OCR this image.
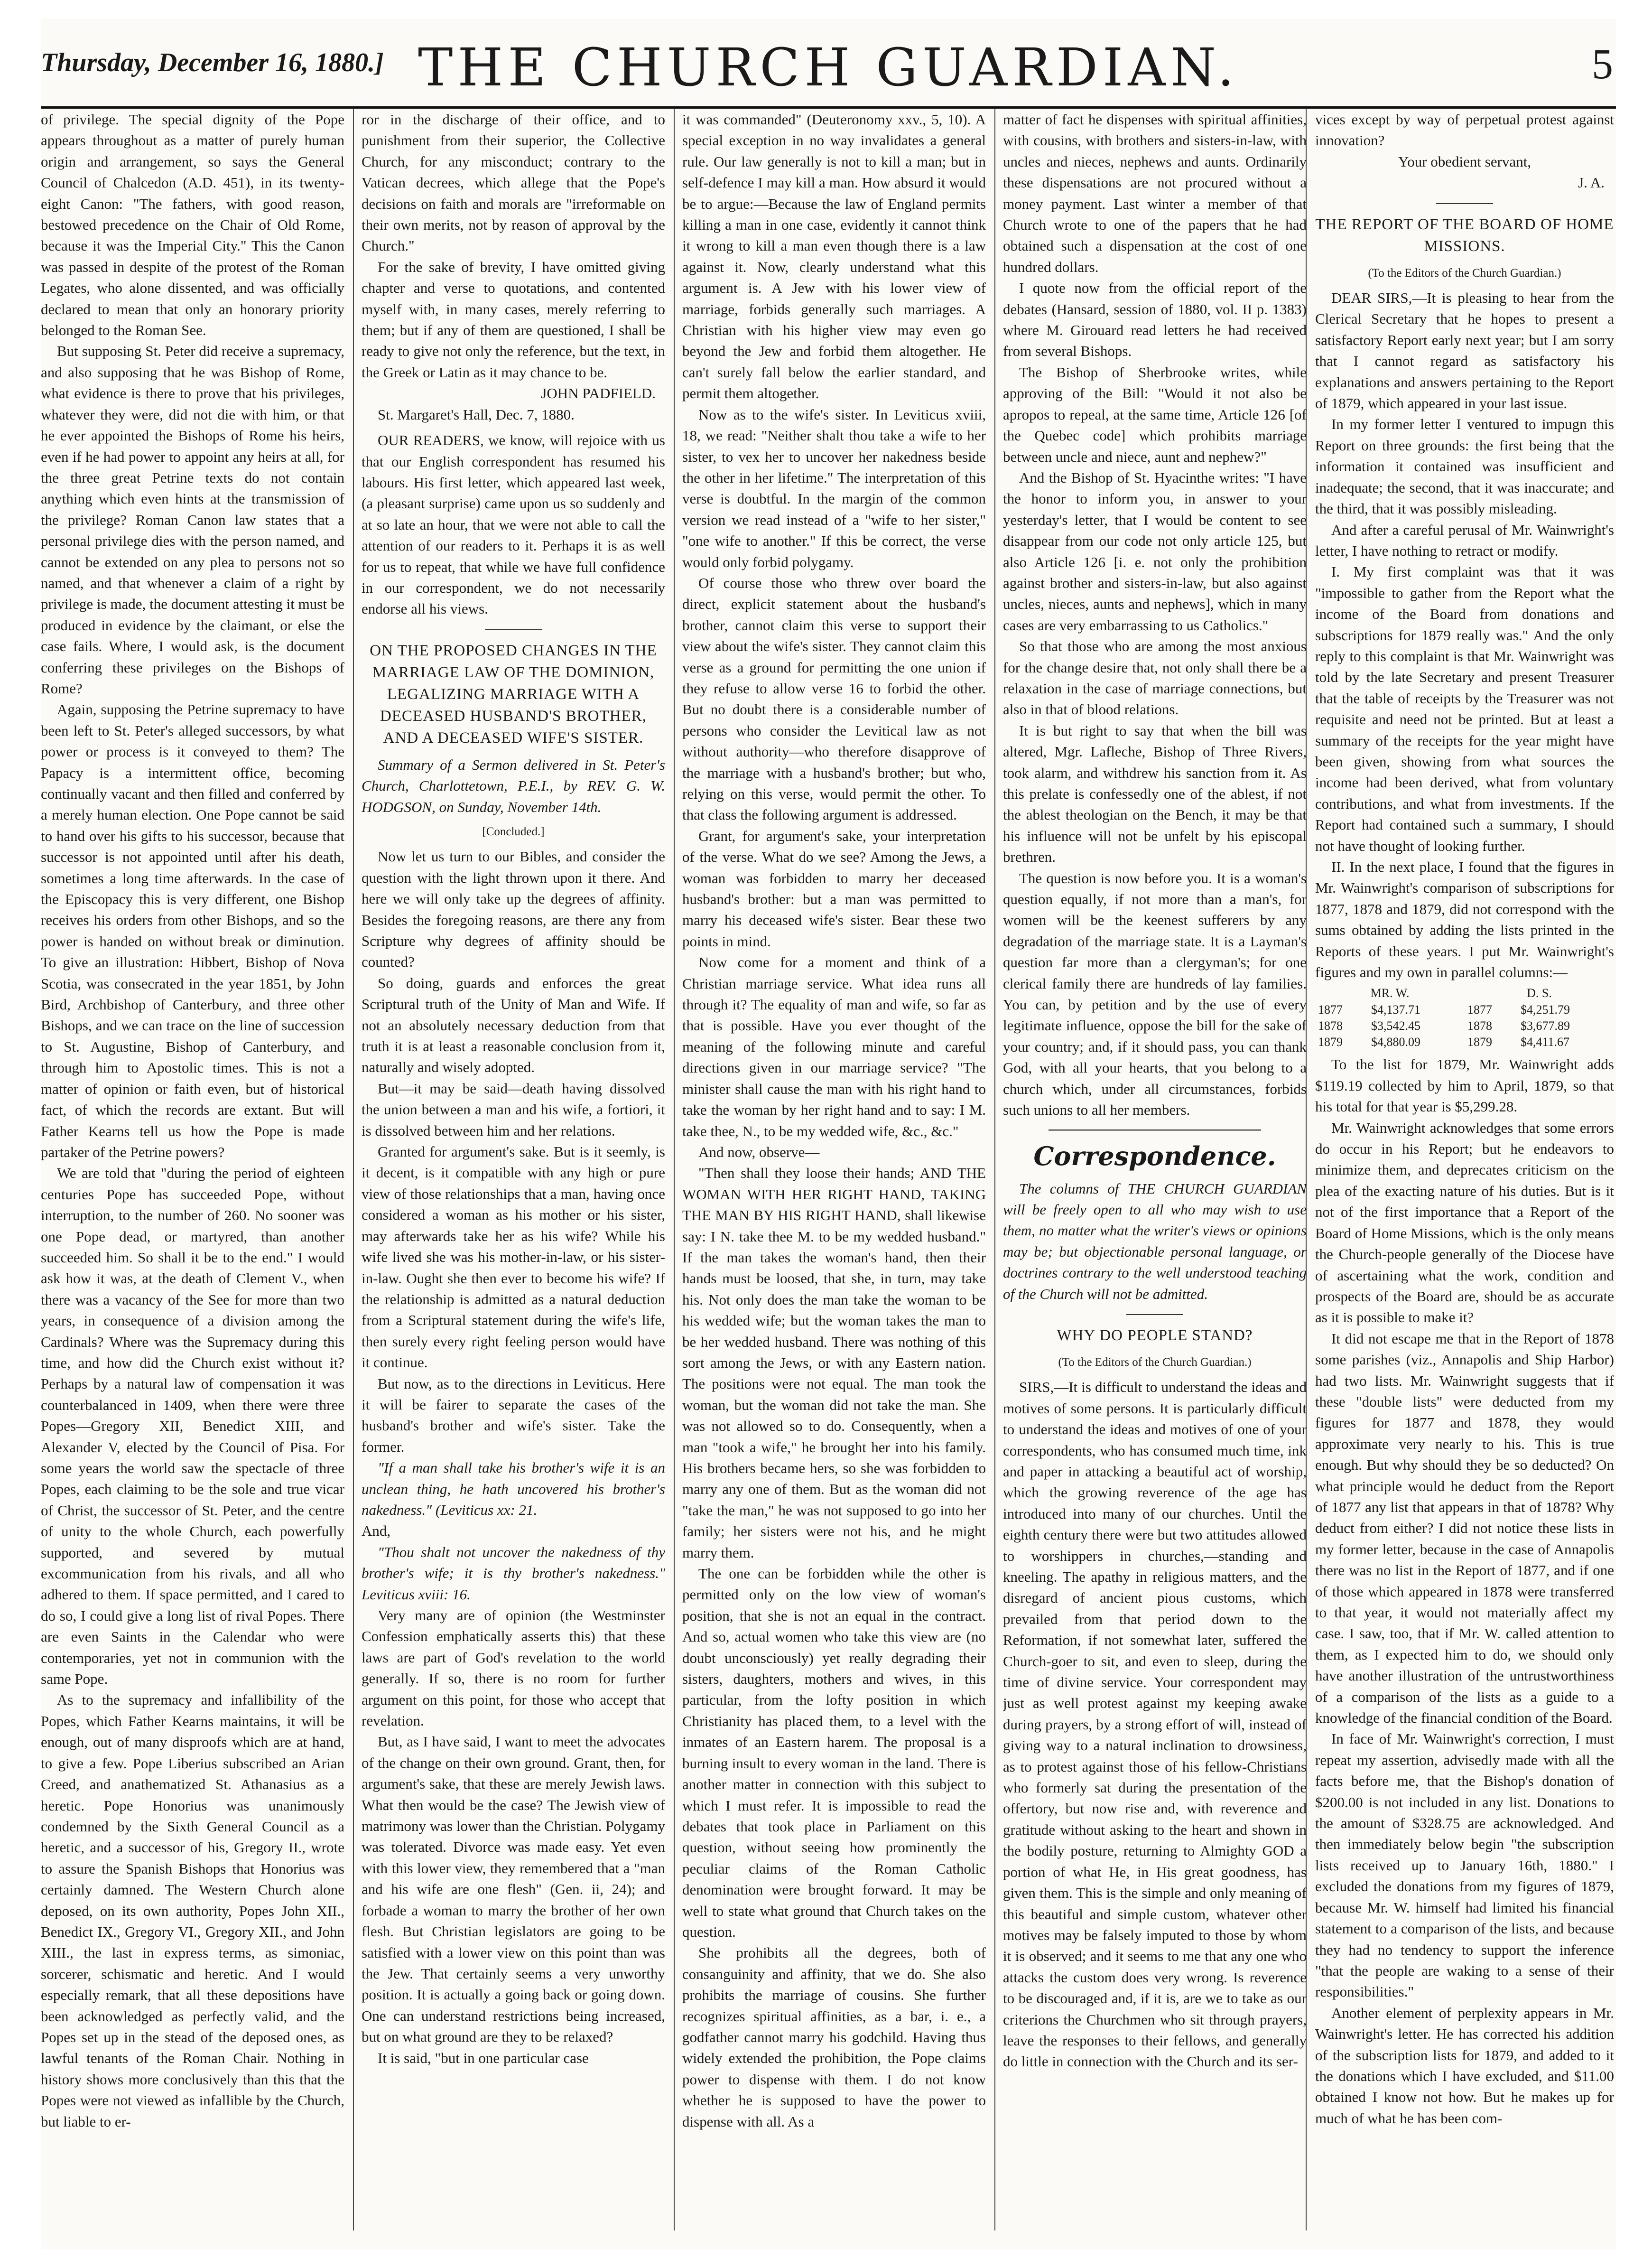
Thursday, December 16, 1880.] THE CHURCH GUARDIAN.	5

of privilege. The special dignity of the Pope appears throughout as a matter of purely human origin and arrangement, so says the General Council of Chalcedon (A.D. 451), in its twenty-eight Canon: "The fathers, with good reason, bestowed precedence on the Chair of Old Rome, because it was the Imperial City." This the Canon was passed in despite of the protest of the Roman Legates, who alone dissented, and was officially declared to mean that only an honorary priority belonged to the Roman See.

But supposing St. Peter did receive a supremacy, and also supposing that he was Bishop of Rome, what evidence is there to prove that his privileges, whatever they were, did not die with him, or that he ever appointed the Bishops of Rome his heirs, even if he had power to appoint any heirs at all, for the three great Petrine texts do not contain anything which even hints at the transmission of the privilege? Roman Canon law states that a personal privilege dies with the person named, and cannot be extended on any plea to persons not so named, and that whenever a claim of a right by privilege is made, the document attesting it must be produced in evidence by the claimant, or else the case fails. Where, I would ask, is the document conferring these privileges on the Bishops of Rome?

Again, supposing the Petrine supremacy to have been left to St. Peter's alleged successors, by what power or process is it conveyed to them? The Papacy is a intermittent office, becoming continually vacant and then filled and conferred by a merely human election. One Pope cannot be said to hand over his gifts to his successor, because that successor is not appointed until after his death, sometimes a long time afterwards. In the case of the Episcopacy this is very different, one Bishop receives his orders from other Bishops, and so the power is handed on without break or diminution. To give an illustration: Hibbert, Bishop of Nova Scotia, was consecrated in the year 1851, by John Bird, Archbishop of Canterbury, and three other Bishops, and we can trace on the line of succession to St. Augustine, Bishop of Canterbury, and through him to Apostolic times. This is not a matter of opinion or faith even, but of historical fact, of which the records are extant. But will Father Kearns tell us how the Pope is made partaker of the Petrine powers?

We are told that "during the period of eighteen centuries Pope has succeeded Pope, without interruption, to the number of 260. No sooner was one Pope dead, or martyred, than another succeeded him. So shall it be to the end." I would ask how it was, at the death of Clement V., when there was a vacancy of the See for more than two years, in consequence of a division among the Cardinals? Where was the Supremacy during this time, and how did the Church exist without it? Perhaps by a natural law of compensation it was counterbalanced in 1409, when there were three Popes—Gregory XII, Benedict XIII, and Alexander V, elected by the Council of Pisa. For some years the world saw the spectacle of three Popes, each claiming to be the sole and true vicar of Christ, the successor of St. Peter, and the centre of unity to the whole Church, each powerfully supported, and severed by mutual excommunication from his rivals, and all who adhered to them. If space permitted, and I cared to do so, I could give a long list of rival Popes. There are even Saints in the Calendar who were contemporaries, yet not in communion with the same Pope.

As to the supremacy and infallibility of the Popes, which Father Kearns maintains, it will be enough, out of many disproofs which are at hand, to give a few. Pope Liberius subscribed an Arian Creed, and anathematized St. Athanasius as a heretic. Pope Honorius was unanimously condemned by the Sixth General Council as a heretic, and a successor of his, Gregory II., wrote to assure the Spanish Bishops that Honorius was certainly damned. The Western Church alone deposed, on its own authority, Popes John XII., Benedict IX., Gregory VI., Gregory XII., and John XIII., the last in express terms, as simoniac, sorcerer, schismatic and heretic. And I would especially remark, that all these depositions have been acknowledged as perfectly valid, and the Popes set up in the stead of the deposed ones, as lawful tenants of the Roman Chair. Nothing in history shows more conclusively than this that the Popes were not viewed as infallible by the Church, but liable to er-

ror in the discharge of their office, and to punishment from their superior, the Collective Church, for any misconduct; contrary to the Vatican decrees, which allege that the Pope's decisions on faith and morals are "irreformable on their own merits, not by reason of approval by the Church."

For the sake of brevity, I have omitted giving chapter and verse to quotations, and contented myself with, in many cases, merely referring to them; but if any of them are questioned, I shall be ready to give not only the reference, but the text, in the Greek or Latin as it may chance to be.

JOHN PADFIELD.

St. Margaret's Hall, Dec. 7, 1880.

OUR READERS, we know, will rejoice with us that our English correspondent has resumed his labours. His first letter, which appeared last week, (a pleasant surprise) came upon us so suddenly and at so late an hour, that we were not able to call the attention of our readers to it. Perhaps it is as well for us to repeat, that while we have full confidence in our correspondent, we do not necessarily endorse all his views.

ON THE PROPOSED CHANGES IN THE MARRIAGE LAW OF THE DOMINION, LEGALIZING MARRIAGE WITH A DECEASED HUSBAND'S BROTHER, AND A DECEASED WIFE'S SISTER.

Summary of a Sermon delivered in St. Peter's Church, Charlottetown, P.E.I., by REV. G. W. HODGSON, on Sunday, November 14th.

[Concluded.]

Now let us turn to our Bibles, and consider the question with the light thrown upon it there. And here we will only take up the degrees of affinity. Besides the foregoing reasons, are there any from Scripture why degrees of affinity should be counted?

So doing, guards and enforces the great Scriptural truth of the Unity of Man and Wife. If not an absolutely necessary deduction from that truth it is at least a reasonable conclusion from it, naturally and wisely adopted.

But—it may be said—death having dissolved the union between a man and his wife, a fortiori, it is dissolved between him and her relations.

Granted for argument's sake. But is it seemly, is it decent, is it compatible with any high or pure view of those relationships that a man, having once considered a woman as his mother or his sister, may afterwards take her as his wife? While his wife lived she was his mother-in-law, or his sister-in-law. Ought she then ever to become his wife? If the relationship is admitted as a natural deduction from a Scriptural statement during the wife's life, then surely every right feeling person would have it continue.

But now, as to the directions in Leviticus. Here it will be fairer to separate the cases of the husband's brother and wife's sister. Take the former.

"If a man shall take his brother's wife it is an unclean thing, he hath uncovered his brother's nakedness." (Leviticus xx: 21.

And,

"Thou shalt not uncover the nakedness of thy brother's wife; it is thy brother's nakedness." Leviticus xviii: 16.

Very many are of opinion (the Westminster Confession emphatically asserts this) that these laws are part of God's revelation to the world generally. If so, there is no room for further argument on this point, for those who accept that revelation.

But, as I have said, I want to meet the advocates of the change on their own ground. Grant, then, for argument's sake, that these are merely Jewish laws. What then would be the case? The Jewish view of matrimony was lower than the Christian. Polygamy was tolerated. Divorce was made easy. Yet even with this lower view, they remembered that a "man and his wife are one flesh" (Gen. ii, 24); and forbade a woman to marry the brother of her own flesh. But Christian legislators are going to be satisfied with a lower view on this point than was the Jew. That certainly seems a very unworthy position. It is actually a going back or going down. One can understand restrictions being increased, but on what ground are they to be relaxed?

It is said, "but in one particular case

it was commanded" (Deuteronomy xxv., 5, 10). A special exception in no way invalidates a general rule. Our law generally is not to kill a man; but in self-defence I may kill a man. How absurd it would be to argue:—Because the law of England permits killing a man in one case, evidently it cannot think it wrong to kill a man even though there is a law against it. Now, clearly understand what this argument is. A Jew with his lower view of marriage, forbids generally such marriages. A Christian with his higher view may even go beyond the Jew and forbid them altogether. He can't surely fall below the earlier standard, and permit them altogether.

Now as to the wife's sister. In Leviticus xviii, 18, we read: "Neither shalt thou take a wife to her sister, to vex her to uncover her nakedness beside the other in her lifetime." The interpretation of this verse is doubtful. In the margin of the common version we read instead of a "wife to her sister," "one wife to another." If this be correct, the verse would only forbid polygamy.

Of course those who threw over board the direct, explicit statement about the husband's brother, cannot claim this verse to support their view about the wife's sister. They cannot claim this verse as a ground for permitting the one union if they refuse to allow verse 16 to forbid the other. But no doubt there is a considerable number of persons who consider the Levitical law as not without authority—who therefore disapprove of the marriage with a husband's brother; but who, relying on this verse, would permit the other. To that class the following argument is addressed.

Grant, for argument's sake, your interpretation of the verse. What do we see? Among the Jews, a woman was forbidden to marry her deceased husband's brother: but a man was permitted to marry his deceased wife's sister. Bear these two points in mind.

Now come for a moment and think of a Christian marriage service. What idea runs all through it? The equality of man and wife, so far as that is possible. Have you ever thought of the meaning of the following minute and careful directions given in our marriage service? "The minister shall cause the man with his right hand to take the woman by her right hand and to say: I M. take thee, N., to be my wedded wife, &c., &c."

And now, observe—

"Then shall they loose their hands; AND THE WOMAN WITH HER RIGHT HAND, TAKING THE MAN BY HIS RIGHT HAND, shall likewise say: I N. take thee M. to be my wedded husband." If the man takes the woman's hand, then their hands must be loosed, that she, in turn, may take his. Not only does the man take the woman to be his wedded wife; but the woman takes the man to be her wedded husband. There was nothing of this sort among the Jews, or with any Eastern nation. The positions were not equal. The man took the woman, but the woman did not take the man. She was not allowed so to do. Consequently, when a man "took a wife," he brought her into his family. His brothers became hers, so she was forbidden to marry any one of them. But as the woman did not "take the man," he was not supposed to go into her family; her sisters were not his, and he might marry them.

The one can be forbidden while the other is permitted only on the low view of woman's position, that she is not an equal in the contract. And so, actual women who take this view are (no doubt unconsciously) yet really degrading their sisters, daughters, mothers and wives, in this particular, from the lofty position in which Christianity has placed them, to a level with the inmates of an Eastern harem. The proposal is a burning insult to every woman in the land. There is another matter in connection with this subject to which I must refer. It is impossible to read the debates that took place in Parliament on this question, without seeing how prominently the peculiar claims of the Roman Catholic denomination were brought forward. It may be well to state what ground that Church takes on the question.

She prohibits all the degrees, both of consanguinity and affinity, that we do. She also prohibits the marriage of cousins. She further recognizes spiritual affinities, as a bar, i. e., a godfather cannot marry his godchild. Having thus widely extended the prohibition, the Pope claims power to dispense with them. I do not know whether he is supposed to have the power to dispense with all. As a

matter of fact he dispenses with spiritual affinities, with cousins, with brothers and sisters-in-law, with uncles and nieces, nephews and aunts. Ordinarily these dispensations are not procured without a money payment. Last winter a member of that Church wrote to one of the papers that he had obtained such a dispensation at the cost of one hundred dollars.

I quote now from the official report of the debates (Hansard, session of 1880, vol. II p. 1383) where M. Girouard read letters he had received from several Bishops.

The Bishop of Sherbrooke writes, while approving of the Bill: "Would it not also be apropos to repeal, at the same time, Article 126 [of the Quebec code] which prohibits marriage between uncle and niece, aunt and nephew?"

And the Bishop of St. Hyacinthe writes: "I have the honor to inform you, in answer to your yesterday's letter, that I would be content to see disappear from our code not only article 125, but also Article 126 [i. e. not only the prohibition against brother and sisters-in-law, but also against uncles, nieces, aunts and nephews], which in many cases are very embarrassing to us Catholics."

So that those who are among the most anxious for the change desire that, not only shall there be a relaxation in the case of marriage connections, but also in that of blood relations.

It is but right to say that when the bill was altered, Mgr. Lafleche, Bishop of Three Rivers, took alarm, and withdrew his sanction from it. As this prelate is confessedly one of the ablest, if not the ablest theologian on the Bench, it may be that his influence will not be unfelt by his episcopal brethren.

The question is now before you. It is a woman's question equally, if not more than a man's, for women will be the keenest sufferers by any degradation of the marriage state. It is a Layman's question far more than a clergyman's; for one clerical family there are hundreds of lay families. You can, by petition and by the use of every legitimate influence, oppose the bill for the sake of your country; and, if it should pass, you can thank God, with all your hearts, that you belong to a church which, under all circumstances, forbids such unions to all her members.

Correspondence.

The columns of THE CHURCH GUARDIAN will be freely open to all who may wish to use them, no matter what the writer's views or opinions may be; but objectionable personal language, or doctrines contrary to the well understood teaching of the Church will not be admitted.

WHY DO PEOPLE STAND?

(To the Editors of the Church Guardian.)

SIRS,—It is difficult to understand the ideas and motives of some persons. It is particularly difficult to understand the ideas and motives of one of your correspondents, who has consumed much time, ink and paper in attacking a beautiful act of worship, which the growing reverence of the age has introduced into many of our churches. Until the eighth century there were but two attitudes allowed to worshippers in churches,—standing and kneeling. The apathy in religious matters, and the disregard of ancient pious customs, which prevailed from that period down to the Reformation, if not somewhat later, suffered the Church-goer to sit, and even to sleep, during the time of divine service. Your correspondent may just as well protest against my keeping awake during prayers, by a strong effort of will, instead of giving way to a natural inclination to drowsiness, as to protest against those of his fellow-Christians who formerly sat during the presentation of the offertory, but now rise and, with reverence and gratitude without asking to the heart and shown in the bodily posture, returning to Almighty GOD a portion of what He, in His great goodness, has given them. This is the simple and only meaning of this beautiful and simple custom, whatever other motives may be falsely imputed to those by whom it is observed; and it seems to me that any one who attacks the custom does very wrong. Is reverence to be discouraged and, if it is, are we to take as our criterions the Churchmen who sit through prayers, leave the responses to their fellows, and generally do little in connection with the Church and its ser-

vices except by way of perpetual protest against innovation?

Your obedient servant,

J. A.

THE REPORT OF THE BOARD OF HOME MISSIONS.

(To the Editors of the Church Guardian.)

DEAR SIRS,—It is pleasing to hear from the Clerical Secretary that he hopes to present a satisfactory Report early next year; but I am sorry that I cannot regard as satisfactory his explanations and answers pertaining to the Report of 1879, which appeared in your last issue.

In my former letter I ventured to impugn this Report on three grounds: the first being that the information it contained was insufficient and inadequate; the second, that it was inaccurate; and the third, that it was possibly misleading.

And after a careful perusal of Mr. Wainwright's letter, I have nothing to retract or modify.

I. My first complaint was that it was "impossible to gather from the Report what the income of the Board from donations and subscriptions for 1879 really was." And the only reply to this complaint is that Mr. Wainwright was told by the late Secretary and present Treasurer that the table of receipts by the Treasurer was not requisite and need not be printed. But at least a summary of the receipts for the year might have been given, showing from what sources the income had been derived, what from voluntary contributions, and what from investments. If the Report had contained such a summary, I should not have thought of looking further.

II. In the next place, I found that the figures in Mr. Wainwright's comparison of subscriptions for 1877, 1878 and 1879, did not correspond with the sums obtained by adding the lists printed in the Reports of these years. I put Mr. Wainwright's figures and my own in parallel columns:—

MR. W.		D. S.	
1877	$4,137.71	1877	$4,251.79
1878	$3,542.45	1878	$3,677.89
1879	$4,880.09	1879	$4,411.67

To the list for 1879, Mr. Wainwright adds $119.19 collected by him to April, 1879, so that his total for that year is $5,299.28.

Mr. Wainwright acknowledges that some errors do occur in his Report; but he endeavors to minimize them, and deprecates criticism on the plea of the exacting nature of his duties. But is it not of the first importance that a Report of the Board of Home Missions, which is the only means the Church-people generally of the Diocese have of ascertaining what the work, condition and prospects of the Board are, should be as accurate as it is possible to make it?

It did not escape me that in the Report of 1878 some parishes (viz., Annapolis and Ship Harbor) had two lists. Mr. Wainwright suggests that if these "double lists" were deducted from my figures for 1877 and 1878, they would approximate very nearly to his. This is true enough. But why should they be so deducted? On what principle would he deduct from the Report of 1877 any list that appears in that of 1878? Why deduct from either? I did not notice these lists in my former letter, because in the case of Annapolis there was no list in the Report of 1877, and if one of those which appeared in 1878 were transferred to that year, it would not materially affect my case. I saw, too, that if Mr. W. called attention to them, as I expected him to do, we should only have another illustration of the untrustworthiness of a comparison of the lists as a guide to a knowledge of the financial condition of the Board.

In face of Mr. Wainwright's correction, I must repeat my assertion, advisedly made with all the facts before me, that the Bishop's donation of $200.00 is not included in any list. Donations to the amount of $328.75 are acknowledged. And then immediately below begin "the subscription lists received up to January 16th, 1880." I excluded the donations from my figures of 1879, because Mr. W. himself had limited his financial statement to a comparison of the lists, and because they had no tendency to support the inference "that the people are waking to a sense of their responsibilities."

Another element of perplexity appears in Mr. Wainwright's letter. He has corrected his addition of the subscription lists for 1879, and added to it the donations which I have excluded, and $11.00 obtained I know not how. But he makes up for much of what he has been com-
